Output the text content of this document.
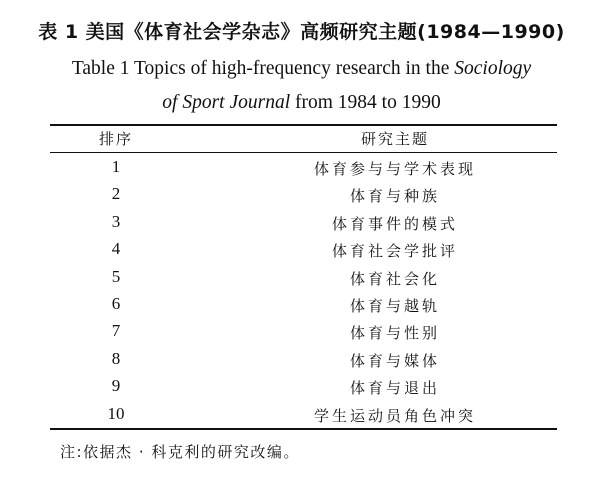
表 1 美国《体育社会学杂志》高频研究主题(1984—1990)
Table 1 Topics of high-frequency research in the Sociology
of Sport Journal from 1984 to 1990
排序	研究主题
1	体育参与与学术表现
2	体育与种族
3	体育事件的模式
4	体育社会学批评
5	体育社会化
6	体育与越轨
7	体育与性别
8	体育与媒体
9	体育与退出
10	学生运动员角色冲突
注:依据杰 · 科克利的研究改编。
